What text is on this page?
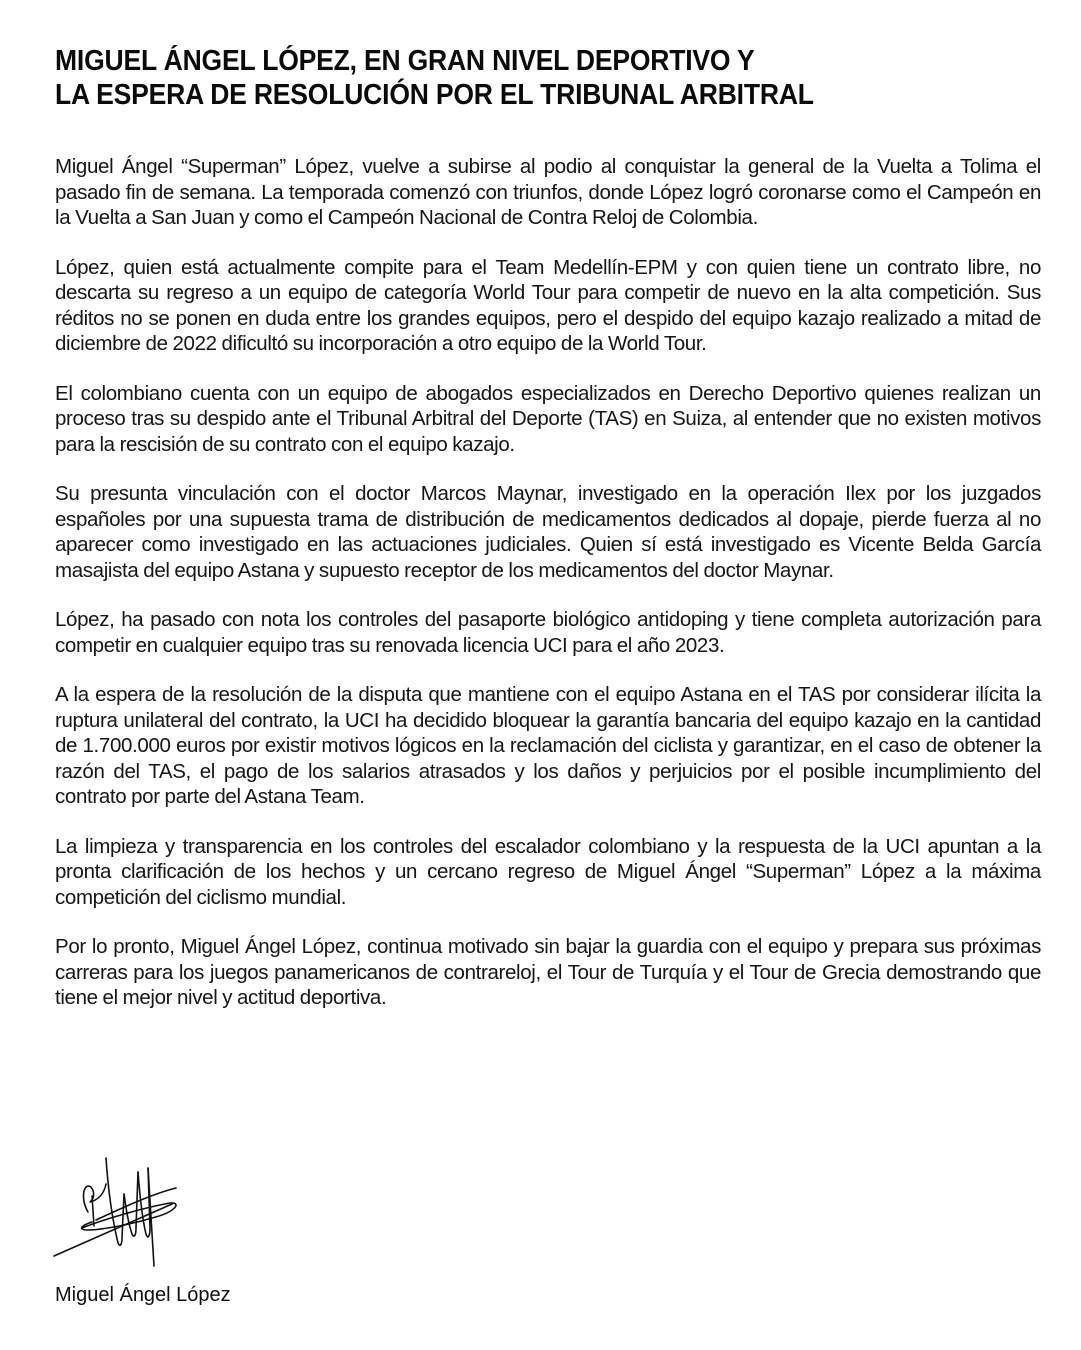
MIGUEL ÁNGEL LÓPEZ, EN GRAN NIVEL DEPORTIVO Y
LA ESPERA DE RESOLUCIÓN POR EL TRIBUNAL ARBITRAL

Miguel Ángel “Superman” López, vuelve a subirse al podio al conquistar la general de la Vuelta a Tolima el pasado fin de semana. La temporada comenzó con triunfos, donde López logró coronarse como el Campeón en la Vuelta a San Juan y como el Campeón Nacional de Contra Reloj de Colombia.

López, quien está actualmente compite para el Team Medellín-EPM y con quien tiene un contrato libre, no descarta su regreso a un equipo de categoría World Tour para competir de nuevo en la alta competición. Sus réditos no se ponen en duda entre los grandes equipos, pero el despido del equipo kazajo realizado a mitad de diciembre de 2022 dificultó su incorporación a otro equipo de la World Tour.

El colombiano cuenta con un equipo de abogados especializados en Derecho Deportivo quienes realizan un proceso tras su despido ante el Tribunal Arbitral del Deporte (TAS) en Suiza, al entender que no existen motivos para la rescisión de su contrato con el equipo kazajo.

Su presunta vinculación con el doctor Marcos Maynar, investigado en la operación Ilex por los juzgados españoles por una supuesta trama de distribución de medicamentos dedicados al dopaje, pierde fuerza al no aparecer como investigado en las actuaciones judiciales. Quien sí está investigado es Vicente Belda García masajista del equipo Astana y supuesto receptor de los medicamentos del doctor Maynar.

López, ha pasado con nota los controles del pasaporte biológico antidoping y tiene completa autorización para competir en cualquier equipo tras su renovada licencia UCI para el año 2023.

A la espera de la resolución de la disputa que mantiene con el equipo Astana en el TAS por considerar ilícita la ruptura unilateral del contrato, la UCI ha decidido bloquear la garantía bancaria del equipo kazajo en la cantidad de 1.700.000 euros por existir motivos lógicos en la reclamación del ciclista y garantizar, en el caso de obtener la razón del TAS, el pago de los salarios atrasados y los daños y perjuicios por el posible incumplimiento del contrato por parte del Astana Team.

La limpieza y transparencia en los controles del escalador colombiano y la respuesta de la UCI apuntan a la pronta clarificación de los hechos y un cercano regreso de Miguel Ángel “Superman” López a la máxima competición del ciclismo mundial.

Por lo pronto, Miguel Ángel López, continua motivado sin bajar la guardia con el equipo y prepara sus próximas carreras para los juegos panamericanos de contrareloj, el Tour de Turquía y el Tour de Grecia demostrando que tiene el mejor nivel y actitud deportiva.

Miguel Ángel López
